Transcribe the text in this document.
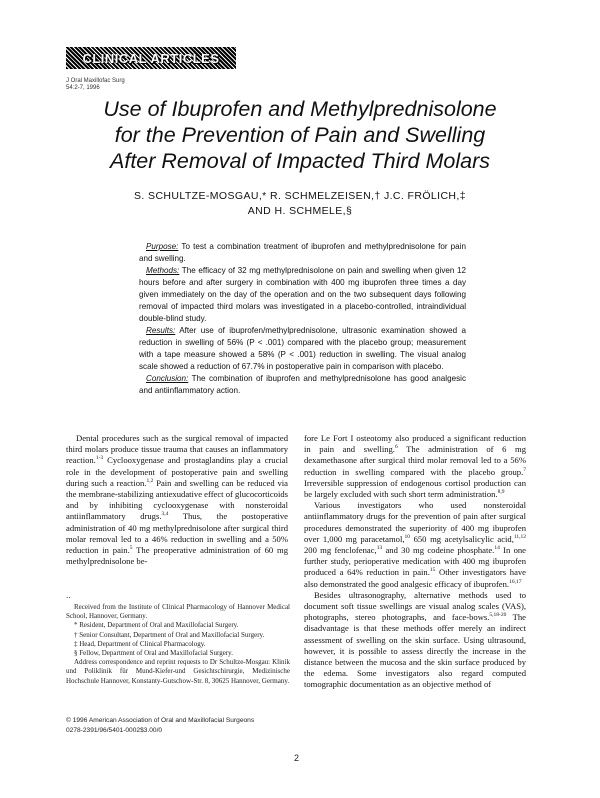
CLINICAL ARTICLES
J Oral Maxillofac Surg
54:2-7, 1996
Use of Ibuprofen and Methylprednisolone
for the Prevention of Pain and Swelling
After Removal of Impacted Third Molars
S. SCHULTZE-MOSGAU,* R. SCHMELZEISEN,† J.C. FRÖLICH,‡
AND H. SCHMELE,§

Purpose: To test a combination treatment of ibuprofen and methylprednisolone for pain and swelling.

Methods: The efficacy of 32 mg methylprednisolone on pain and swelling when given 12 hours before and after surgery in combination with 400 mg ibuprofen three times a day given immediately on the day of the operation and on the two subsequent days following removal of impacted third molars was investigated in a placebo-controlled, intraindividual double-blind study.

Results: After use of ibuprofen/methylprednisolone, ultrasonic examination showed a reduction in swelling of 56% (P < .001) compared with the placebo group; measurement with a tape measure showed a 58% (P < .001) reduction in swelling. The visual analog scale showed a reduction of 67.7% in postoperative pain in comparison with placebo.

Conclusion: The combination of ibuprofen and methylprednisolone has good analgesic and antiinflammatory action.

Dental procedures such as the surgical removal of impacted third molars produce tissue trauma that causes an inflammatory reaction.$^{1-3}$ Cyclooxygenase and prostaglandins play a crucial role in the development of postoperative pain and swelling during such a reaction.$^{1,2}$ Pain and swelling can be reduced via the membrane-stabilizing antiexudative effect of glucocorticoids and by inhibiting cyclooxygenase with nonsteroidal antiinflammatory drugs.$^{3,4}$ Thus, the postoperative administration of 40 mg methylprednisolone after surgical third molar removal led to a 46% reduction in swelling and a 50% reduction in pain.$^5$ The preoperative administration of 60 mg methylprednisolone be-

‥

Received from the Institute of Clinical Pharmacology of Hannover Medical School, Hannover, Germany.

* Resident, Department of Oral and Maxillofacial Surgery.

† Senior Consultant, Department of Oral and Maxillofacial Surgery.

‡ Head, Department of Clinical Pharmacology.

§ Fellow, Department of Oral and Maxillofacial Surgery.

Address correspondence and reprint requests to Dr Schultze-Mosgau: Klinik und Poliklinik für Mund-Kiefer-und Gesichtschirurgie, Medizinische Hochschule Hannover, Konstanty-Gutschow-Str. 8, 30625 Hannover, Germany.

© 1996 American Association of Oral and Maxillofacial Surgeons
0278-2391/96/5401-0002$3.00/0

fore Le Fort I osteotomy also produced a significant reduction in pain and swelling.$^6$ The administration of 6 mg dexamethasone after surgical third molar removal led to a 56% reduction in swelling compared with the placebo group.$^7$ Irreversible suppression of endogenous cortisol production can be largely excluded with such short term administration.$^{8,9}$

Various investigators who used nonsteroidal antiinflammatory drugs for the prevention of pain after surgical procedures demonstrated the superiority of 400 mg ibuprofen over 1,000 mg paracetamol,$^{10}$ 650 mg acetylsalicylic acid,$^{11,12}$ 200 mg fenclofenac,$^{13}$ and 30 mg codeine phosphate.$^{14}$ In one further study, perioperative medication with 400 mg ibuprofen produced a 64% reduction in pain.$^{15}$ Other investigators have also demonstrated the good analgesic efficacy of ibuprofen.$^{16,17}$

Besides ultrasonography, alternative methods used to document soft tissue swellings are visual analog scales (VAS), photographs, stereo photographs, and face-bows.$^{5,18-20}$ The disadvantage is that these methods offer merely an indirect assessment of swelling on the skin surface. Using ultrasound, however, it is possible to assess directly the increase in the distance between the mucosa and the skin surface produced by the edema. Some investigators also regard computed tomographic documentation as an objective method of

2
